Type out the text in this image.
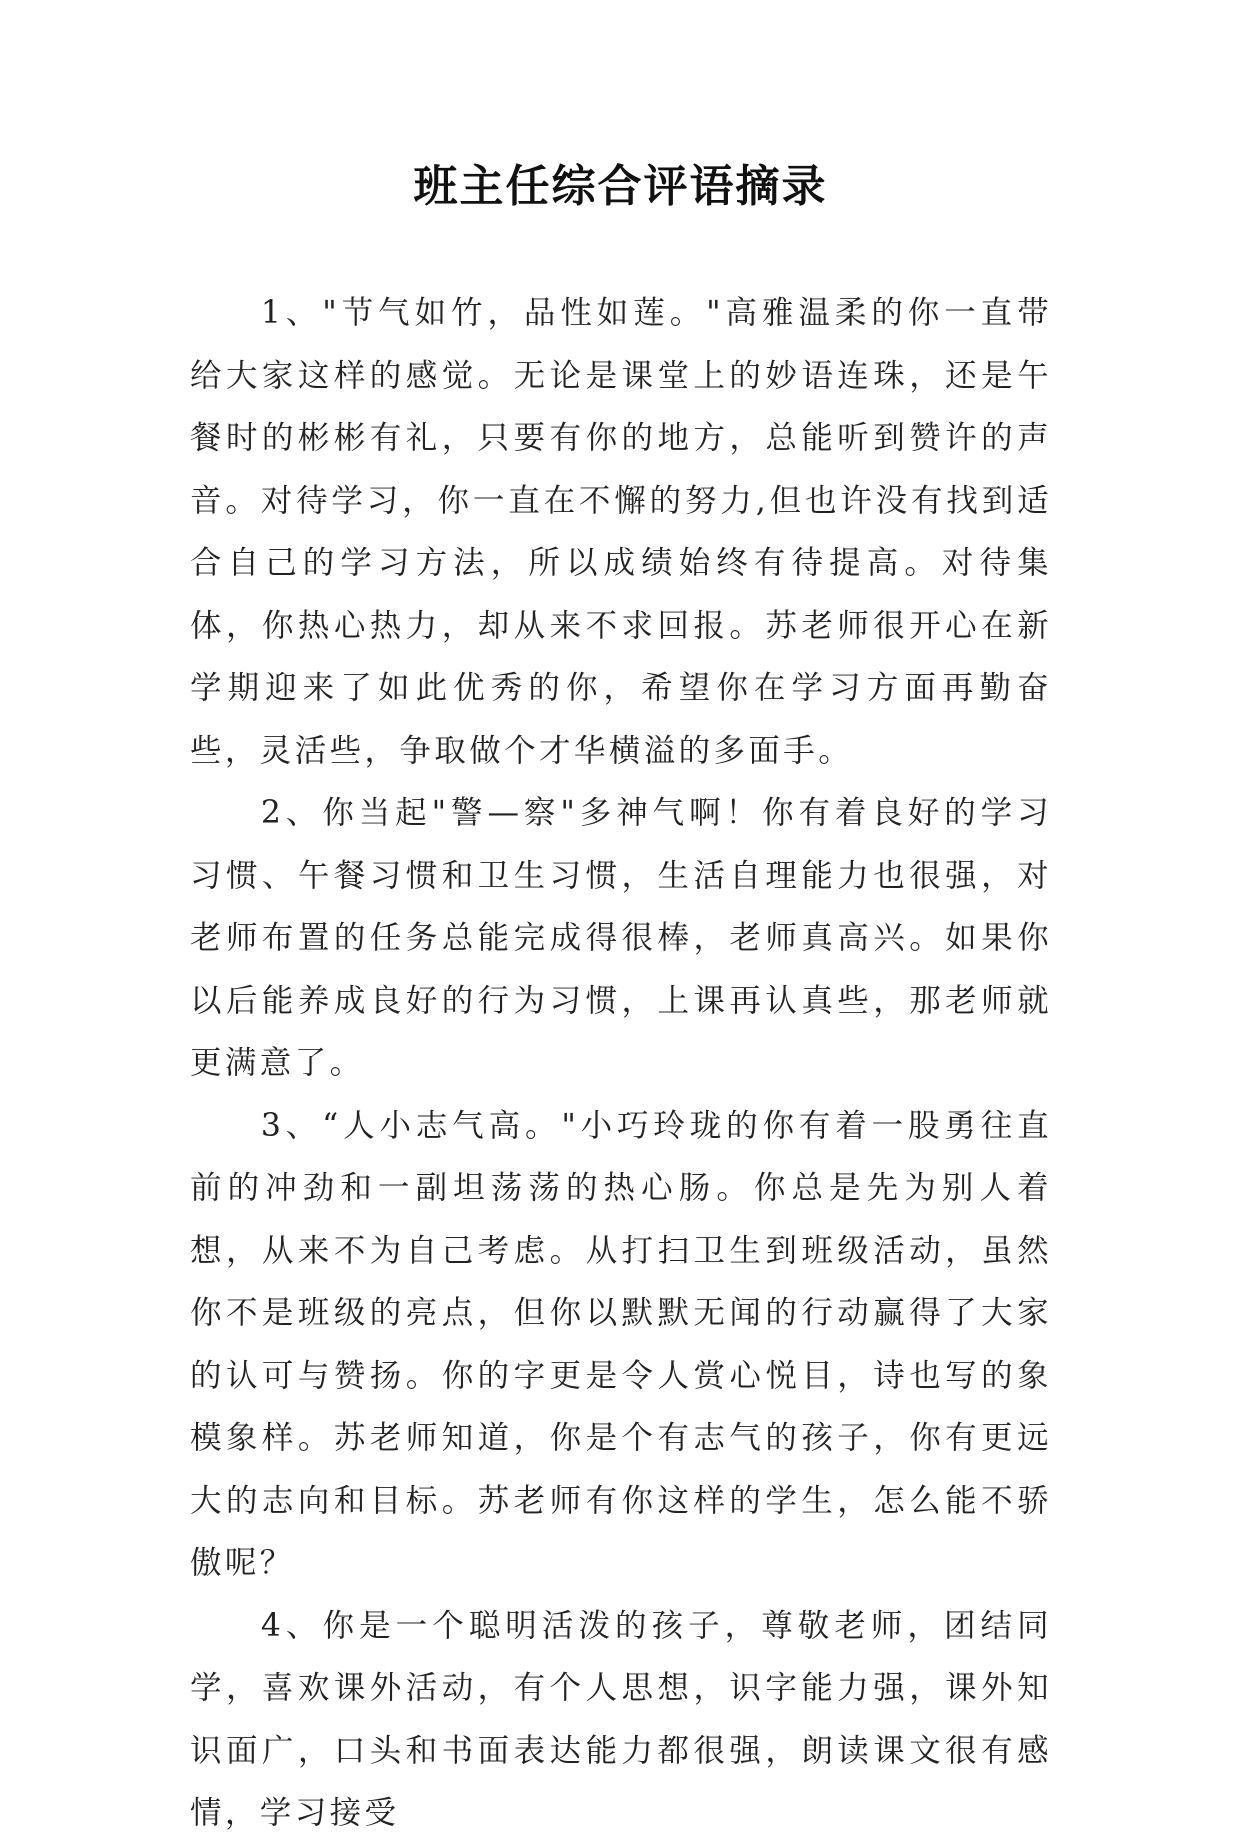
班主任综合评语摘录

1、"节气如竹，品性如莲。"高雅温柔的你一直带给大家这样的感觉。无论是课堂上的妙语连珠，还是午餐时的彬彬有礼，只要有你的地方，总能听到赞许的声音。对待学习，你一直在不懈的努力,但也许没有找到适合自己的学习方法，所以成绩始终有待提高。对待集体，你热心热力，却从来不求回报。苏老师很开心在新学期迎来了如此优秀的你，希望你在学习方面再勤奋些，灵活些，争取做个才华横溢的多面手。

2、你当起"警—察"多神气啊！你有着良好的学习习惯、午餐习惯和卫生习惯，生活自理能力也很强，对老师布置的任务总能完成得很棒，老师真高兴。如果你以后能养成良好的行为习惯，上课再认真些，那老师就更满意了。

3、“人小志气高。"小巧玲珑的你有着一股勇往直前的冲劲和一副坦荡荡的热心肠。你总是先为别人着想，从来不为自己考虑。从打扫卫生到班级活动，虽然你不是班级的亮点，但你以默默无闻的行动赢得了大家的认可与赞扬。你的字更是令人赏心悦目，诗也写的象模象样。苏老师知道，你是个有志气的孩子，你有更远大的志向和目标。苏老师有你这样的学生，怎么能不骄傲呢？

4、你是一个聪明活泼的孩子，尊敬老师，团结同学，喜欢课外活动，有个人思想，识字能力强，课外知识面广，口头和书面表达能力都很强，朗读课文很有感情，学习接受
